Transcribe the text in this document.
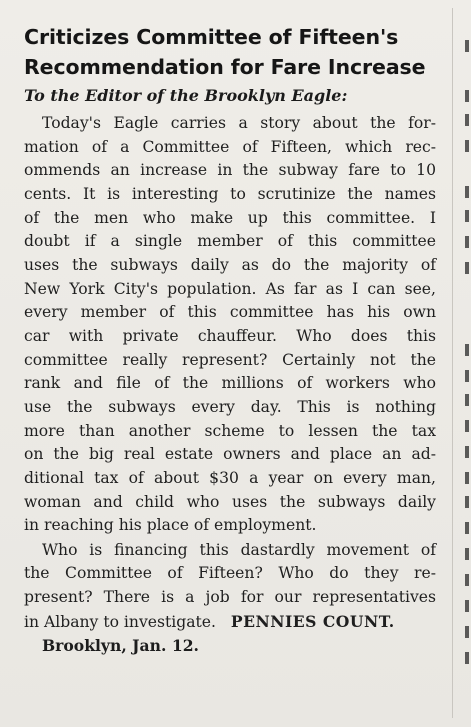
Criticizes Committee of Fifteen's
Recommendation for Fare Increase
To the Editor of the Brooklyn Eagle:
Today's Eagle carries a story about the for-
mation of a Committee of Fifteen, which rec-
ommends an increase in the subway fare to 10
cents. It is interesting to scrutinize the names
of the men who make up this committee. I
doubt if a single member of this committee
uses the subways daily as do the majority of
New York City's population. As far as I can see,
every member of this committee has his own
car with private chauffeur. Who does this
committee really represent? Certainly not the
rank and file of the millions of workers who
use the subways every day. This is nothing
more than another scheme to lessen the tax
on the big real estate owners and place an ad-
ditional tax of about $30 a year on every man,
woman and child who uses the subways daily
in reaching his place of employment.
Who is financing this dastardly movement of
the Committee of Fifteen? Who do they re-
present? There is a job for our representatives
in Albany to investigate. PENNIES COUNT.
Brooklyn, Jan. 12.
